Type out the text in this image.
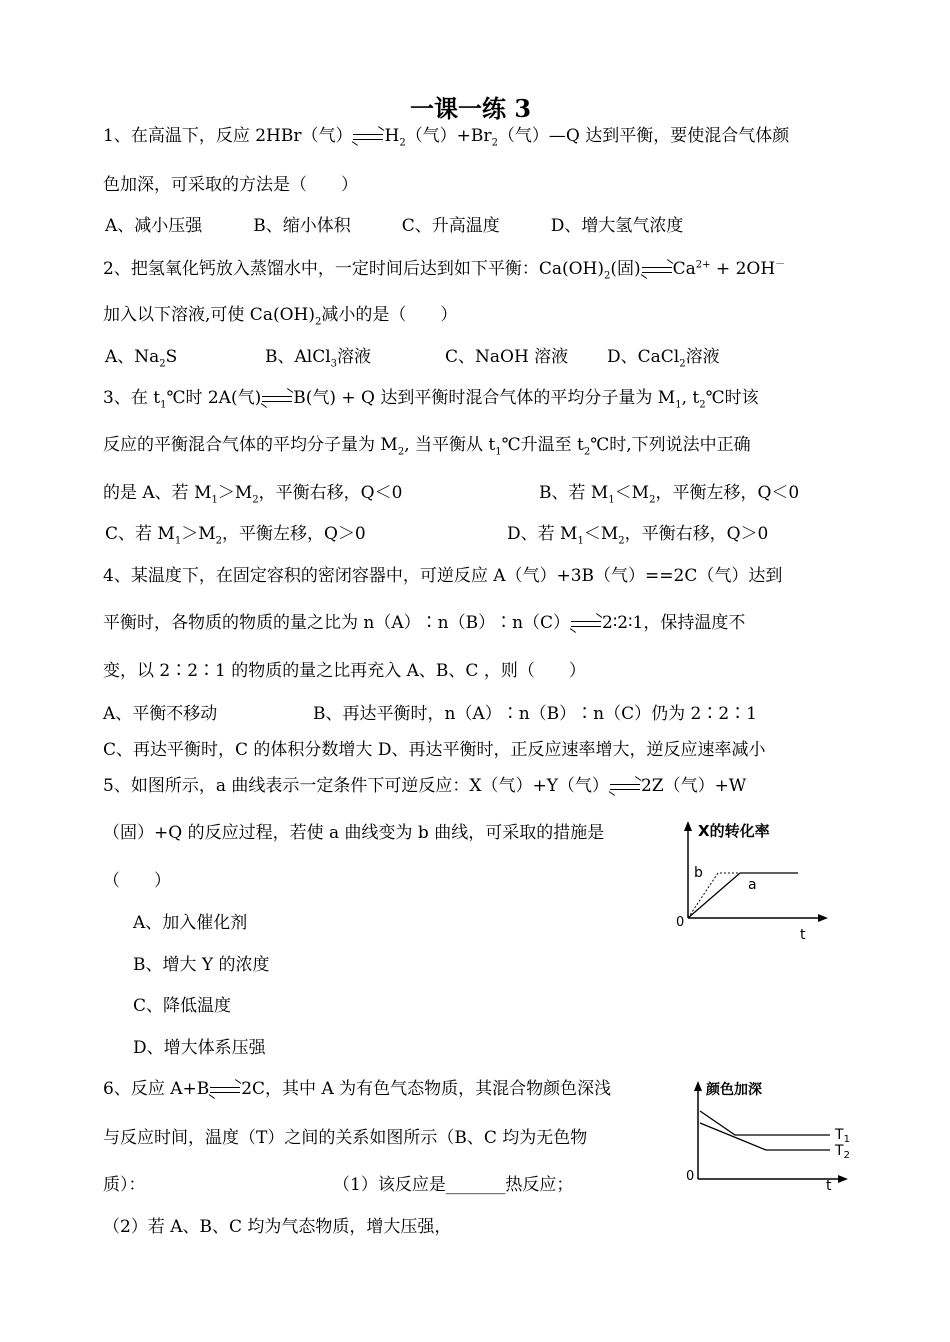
一课一练 3
1、在高温下，反应 2HBr（气） $H_2$（气）$+Br_2$（气）—Q 达到平衡，要使混合气体颜
色加深，可采取的方法是（　　）
A、减小压强　　　B、缩小体积　　　C、升高温度　　　D、增大氢气浓度
2、把氢氧化钙放入蒸馏水中，一定时间后达到如下平衡：$Ca(OH)_2$(固) $Ca^{2+} + 2OH^-$
加入以下溶液,可使 $Ca(OH)_2$减小的是（　　）
A、$Na_2S$	B、AlCl$_3$溶液	C、NaOH 溶液 D、CaCl$_2$溶液
3、在 $t_1℃$时 2A(气) B(气) + Q 达到平衡时混合气体的平均分子量为 $M_1$, $t_2℃$时该
反应的平衡混合气体的平均分子量为 $M_2$, 当平衡从 $t_1℃$升温至 $t_2℃$时,下列说法中正确
的是 A、若 $M_1>M_2$，平衡右移，Q＜0	B、若 $M_1<M_2$，平衡左移，Q＜0
C、若 $M_1>M_2$，平衡左移，Q＞0	D、若 $M_1<M_2$，平衡右移，Q＞0
4、某温度下，在固定容积的密闭容器中，可逆反应 A（气）+3B（气）==2C（气）达到
平衡时，各物质的物质的量之比为 n（A）∶n（B）∶n（C） 2∶2∶1，保持温度不
变，以 2∶2∶1 的物质的量之比再充入 A、B、C ，则（　　）
A、平衡不移动	B、再达平衡时，n（A）∶n（B）∶n（C）仍为 2∶2∶1
C、再达平衡时，C 的体积分数增大 D、再达平衡时，正反应速率增大，逆反应速率减小
5、如图所示，a 曲线表示一定条件下可逆反应：X（气）+Y（气） 2Z（气）+W
（固）+Q 的反应过程，若使 a 曲线变为 b 曲线，可采取的措施是
（　　）
A、加入催化剂
B、增大 Y 的浓度
C、降低温度
D、增大体系压强
X的转化率
0
t
b
a
6、反应 A+B 2C，其中 A 为有色气态物质，其混合物颜色深浅
与反应时间，温度（T）之间的关系如图所示（B、C 均为无色物
质）：	（1）该反应是_______热反应；
（2）若 A、B、C 均为气态物质，增大压强，
颜色加深
0
t
$T_1$
$T_2$
